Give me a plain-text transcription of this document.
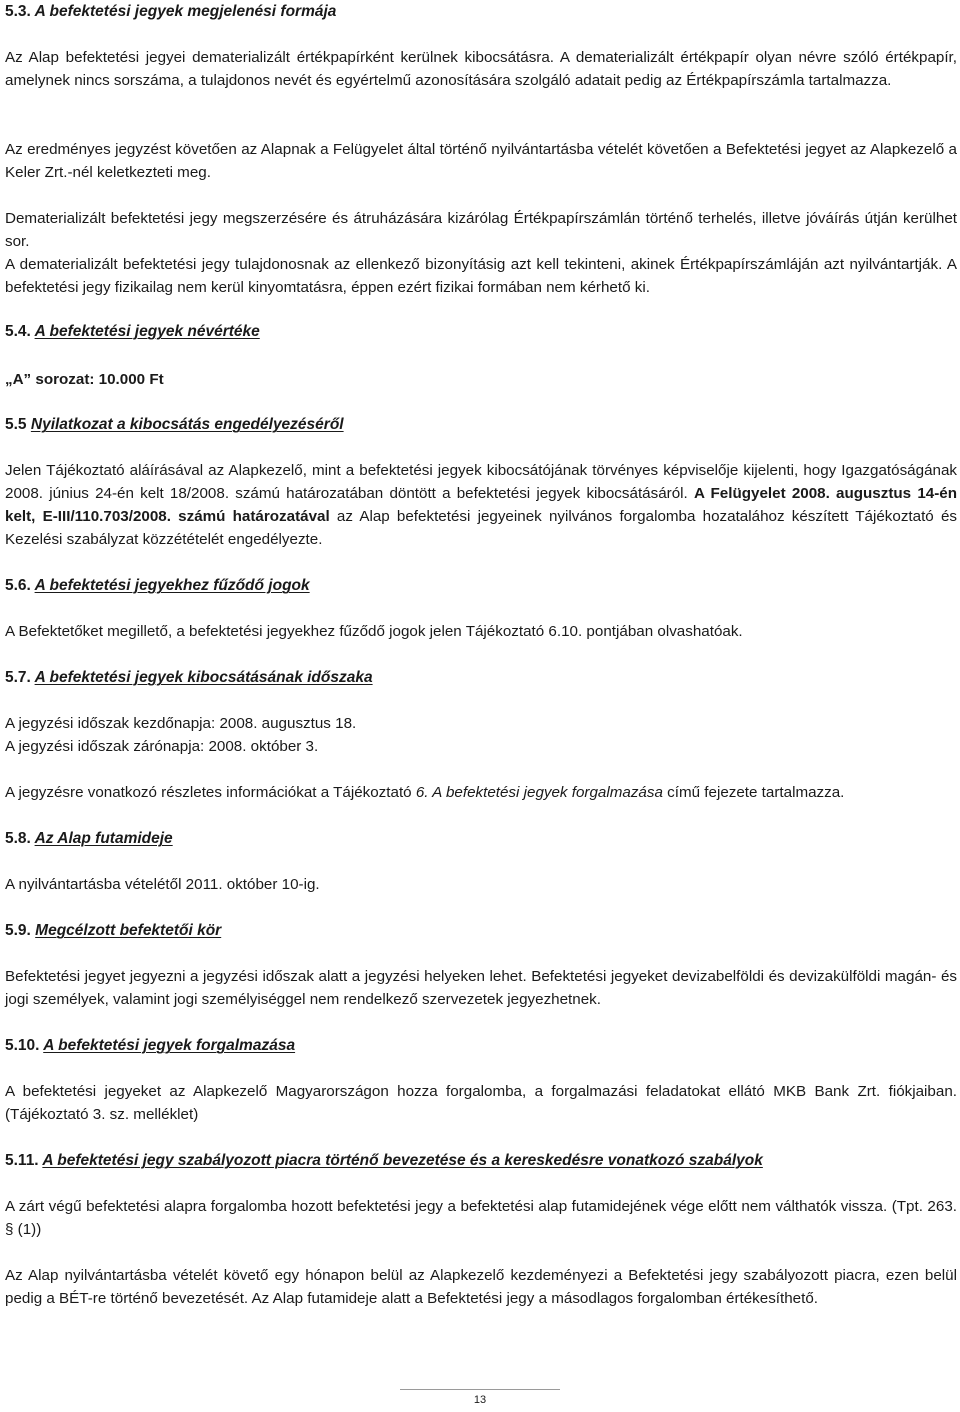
5.3. A befektetési jegyek megjelenési formája

Az Alap befektetési jegyei dematerializált értékpapírként kerülnek kibocsátásra. A dematerializált értékpapír olyan névre szóló értékpapír, amelynek nincs sorszáma, a tulajdonos nevét és egyértelmű azonosítására szolgáló adatait pedig az Értékpapírszámla tartalmazza.

Az eredményes jegyzést követően az Alapnak a Felügyelet által történő nyilvántartásba vételét követően a Befektetési jegyet az Alapkezelő a Keler Zrt.-nél keletkezteti meg.

Dematerializált befektetési jegy megszerzésére és átruházására kizárólag Értékpapírszámlán történő terhelés, illetve jóváírás útján kerülhet sor.

A dematerializált befektetési jegy tulajdonosnak az ellenkező bizonyításig azt kell tekinteni, akinek Értékpapírszámláján azt nyilvántartják. A befektetési jegy fizikailag nem kerül kinyomtatásra, éppen ezért fizikai formában nem kérhető ki.

5.4. A befektetési jegyek névértéke

„A” sorozat: 10.000 Ft

5.5 Nyilatkozat a kibocsátás engedélyezéséről

Jelen Tájékoztató aláírásával az Alapkezelő, mint a befektetési jegyek kibocsátójának törvényes képviselője kijelenti, hogy Igazgatóságának 2008. június 24-én kelt 18/2008. számú határozatában döntött a befektetési jegyek kibocsátásáról. A Felügyelet 2008. augusztus 14-én kelt, E-III/110.703/2008. számú határozatával az Alap befektetési jegyeinek nyilvános forgalomba hozatalához készített Tájékoztató és Kezelési szabályzat közzétételét engedélyezte.

5.6. A befektetési jegyekhez fűződő jogok

A Befektetőket megillető, a befektetési jegyekhez fűződő jogok jelen Tájékoztató 6.10. pontjában olvashatóak.

5.7. A befektetési jegyek kibocsátásának időszaka

A jegyzési időszak kezdőnapja: 2008. augusztus 18.

A jegyzési időszak zárónapja: 2008. október 3.

A jegyzésre vonatkozó részletes információkat a Tájékoztató 6. A befektetési jegyek forgalmazása című fejezete tartalmazza.

5.8. Az Alap futamideje

A nyilvántartásba vételétől 2011. október 10-ig.

5.9. Megcélzott befektetői kör

Befektetési jegyet jegyezni a jegyzési időszak alatt a jegyzési helyeken lehet. Befektetési jegyeket devizabelföldi és devizakülföldi magán- és jogi személyek, valamint jogi személyiséggel nem rendelkező szervezetek jegyezhetnek.

5.10. A befektetési jegyek forgalmazása

A befektetési jegyeket az Alapkezelő Magyarországon hozza forgalomba, a forgalmazási feladatokat ellátó MKB Bank Zrt. fiókjaiban. (Tájékoztató 3. sz. melléklet)

5.11. A befektetési jegy szabályozott piacra történő bevezetése és a kereskedésre vonatkozó szabályok

A zárt végű befektetési alapra forgalomba hozott befektetési jegy a befektetési alap futamidejének vége előtt nem válthatók vissza. (Tpt. 263. § (1))

Az Alap nyilvántartásba vételét követő egy hónapon belül az Alapkezelő kezdeményezi a Befektetési jegy szabályozott piacra, ezen belül pedig a BÉT-re történő bevezetését. Az Alap futamideje alatt a Befektetési jegy a másodlagos forgalomban értékesíthető.

13
